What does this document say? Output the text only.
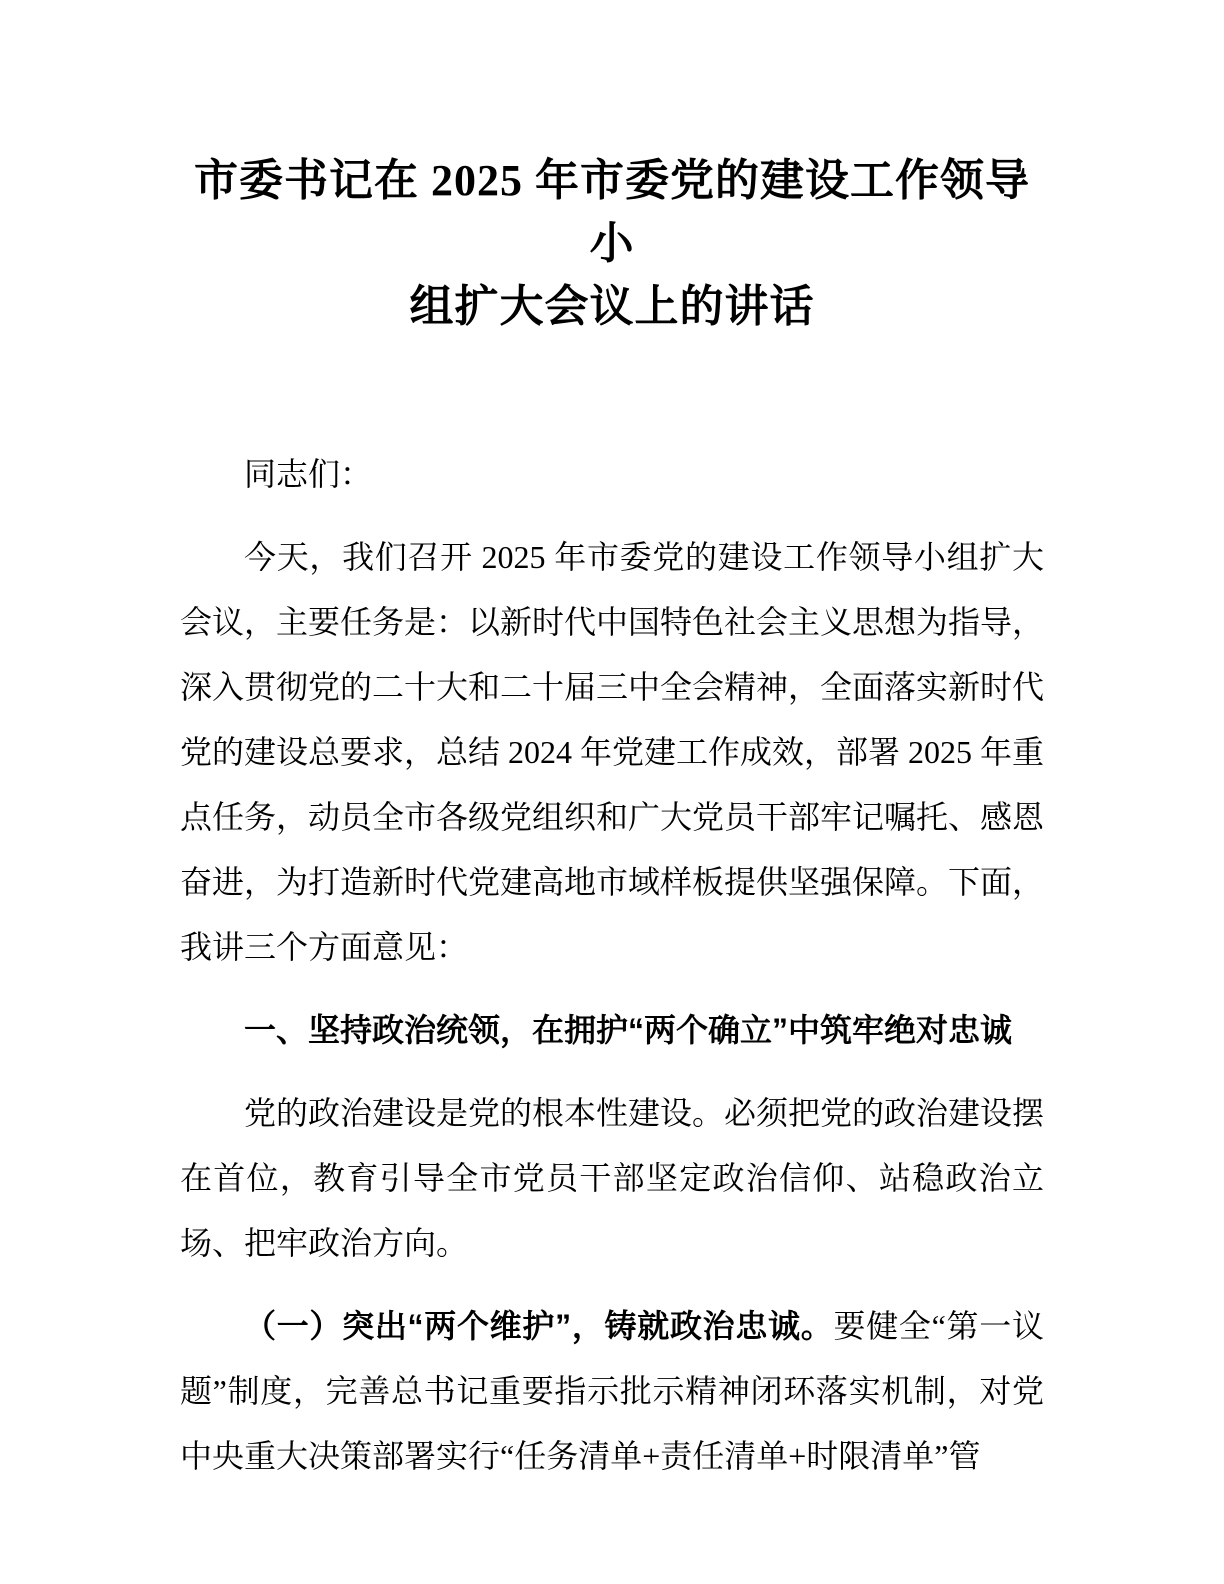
市委书记在 2025 年市委党的建设工作领导小
组扩大会议上的讲话

同志们：

今天，我们召开 2025 年市委党的建设工作领导小组扩大会议，主要任务是：以新时代中国特色社会主义思想为指导，深入贯彻党的二十大和二十届三中全会精神，全面落实新时代党的建设总要求，总结 2024 年党建工作成效，部署 2025 年重点任务，动员全市各级党组织和广大党员干部牢记嘱托、感恩奋进，为打造新时代党建高地市域样板提供坚强保障。下面，我讲三个方面意见：

一、坚持政治统领，在拥护“两个确立”中筑牢绝对忠诚

党的政治建设是党的根本性建设。必须把党的政治建设摆在首位，教育引导全市党员干部坚定政治信仰、站稳政治立场、把牢政治方向。

（一）突出“两个维护”，铸就政治忠诚。要健全“第一议题”制度，完善总书记重要指示批示精神闭环落实机制，对党中央重大决策部署实行“任务清单+责任清单+时限清单”管
